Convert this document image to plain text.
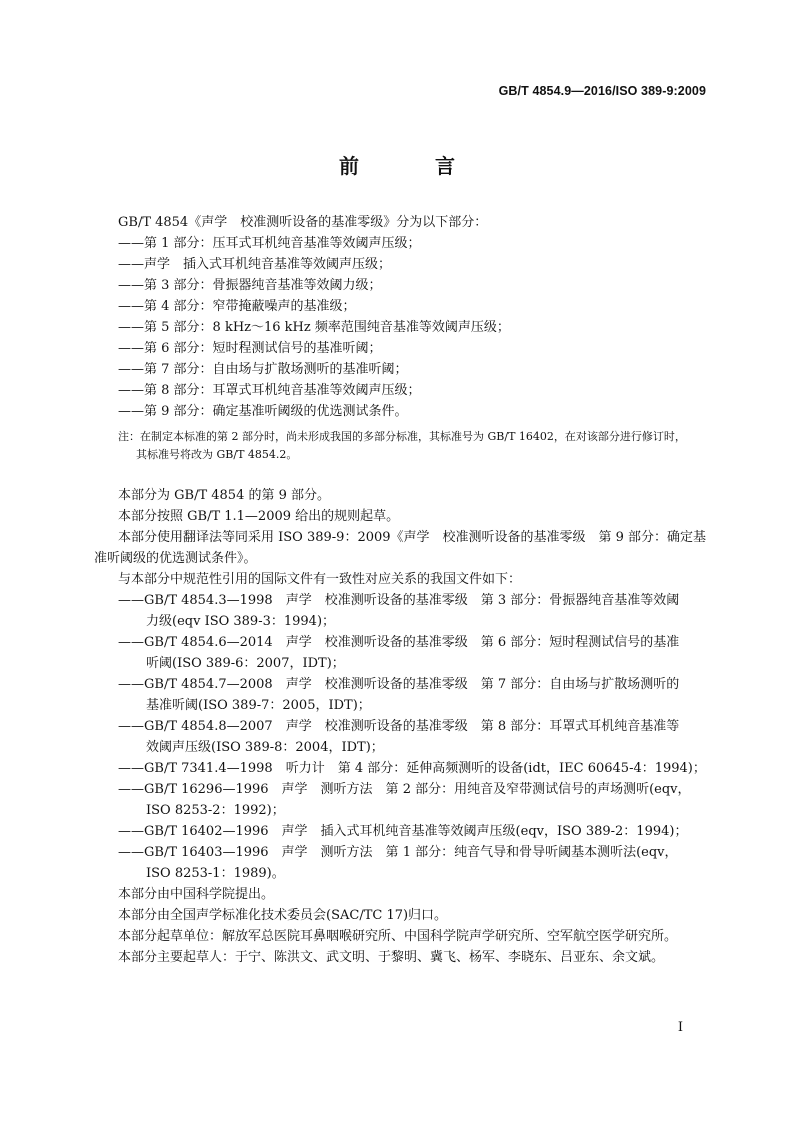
GB/T 4854.9—2016/ISO 389-9:2009
前　言
GB/T 4854《声学　校准测听设备的基准零级》分为以下部分：
——第 1 部分：压耳式耳机纯音基准等效阈声压级；
——声学　插入式耳机纯音基准等效阈声压级；
——第 3 部分：骨振器纯音基准等效阈力级；
——第 4 部分：窄带掩蔽噪声的基准级；
——第 5 部分：8 kHz～16 kHz 频率范围纯音基准等效阈声压级；
——第 6 部分：短时程测试信号的基准听阈；
——第 7 部分：自由场与扩散场测听的基准听阈；
——第 8 部分：耳罩式耳机纯音基准等效阈声压级；
——第 9 部分：确定基准听阈级的优选测试条件。
注：在制定本标准的第 2 部分时，尚未形成我国的多部分标准，其标准号为 GB/T 16402，在对该部分进行修订时，
其标准号将改为 GB/T 4854.2。
本部分为 GB/T 4854 的第 9 部分。
本部分按照 GB/T 1.1—2009 给出的规则起草。
本部分使用翻译法等同采用 ISO 389-9：2009《声学　校准测听设备的基准零级　第 9 部分：确定基
准听阈级的优选测试条件》。
与本部分中规范性引用的国际文件有一致性对应关系的我国文件如下：
——GB/T 4854.3—1998　声学　校准测听设备的基准零级　第 3 部分：骨振器纯音基准等效阈
力级(eqv ISO 389-3：1994)；
——GB/T 4854.6—2014　声学　校准测听设备的基准零级　第 6 部分：短时程测试信号的基准
听阈(ISO 389-6：2007，IDT)；
——GB/T 4854.7—2008　声学　校准测听设备的基准零级　第 7 部分：自由场与扩散场测听的
基准听阈(ISO 389-7：2005，IDT)；
——GB/T 4854.8—2007　声学　校准测听设备的基准零级　第 8 部分：耳罩式耳机纯音基准等
效阈声压级(ISO 389-8：2004，IDT)；
——GB/T 7341.4—1998　听力计　第 4 部分：延伸高频测听的设备(idt，IEC 60645-4：1994)；
——GB/T 16296—1996　声学　测听方法　第 2 部分：用纯音及窄带测试信号的声场测听(eqv，
ISO 8253-2：1992)；
——GB/T 16402—1996　声学　插入式耳机纯音基准等效阈声压级(eqv，ISO 389-2：1994)；
——GB/T 16403—1996　声学　测听方法　第 1 部分：纯音气导和骨导听阈基本测听法(eqv，
ISO 8253-1：1989)。
本部分由中国科学院提出。
本部分由全国声学标准化技术委员会(SAC/TC 17)归口。
本部分起草单位：解放军总医院耳鼻咽喉研究所、中国科学院声学研究所、空军航空医学研究所。
本部分主要起草人：于宁、陈洪文、武文明、于黎明、冀飞、杨军、李晓东、吕亚东、余文斌。
I
